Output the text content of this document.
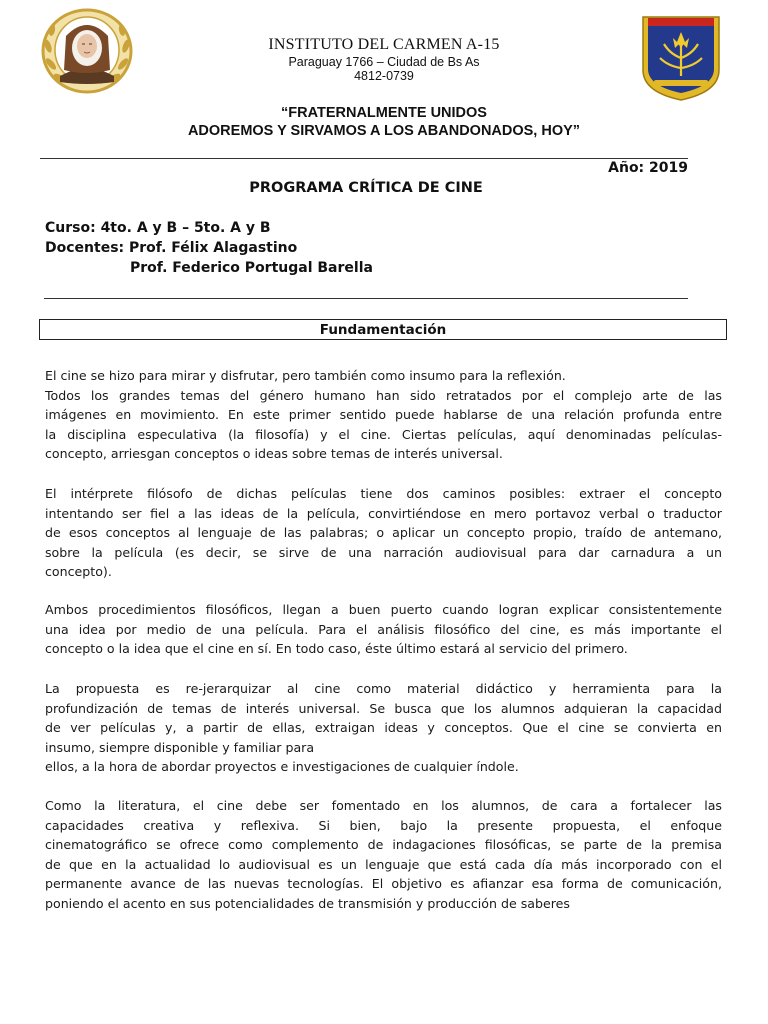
INSTITUTO DEL CARMEN A-15
Paraguay 1766 – Ciudad de Bs As
4812-0739
“FRATERNALMENTE UNIDOS
ADOREMOS Y SIRVAMOS A LOS ABANDONADOS, HOY”
Año: 2019
PROGRAMA CRÍTICA DE CINE
Curso: 4to. A y B – 5to. A y B
Docentes: Prof. Félix Alagastino
Prof. Federico Portugal Barella
Fundamentación
El cine se hizo para mirar y disfrutar, pero también como insumo para la reflexión.
Todos los grandes temas del género humano han sido retratados por el complejo arte de las
imágenes en movimiento. En este primer sentido puede hablarse de una relación profunda entre
la disciplina especulativa (la filosofía) y el cine. Ciertas películas, aquí denominadas películas-
concepto, arriesgan conceptos o ideas sobre temas de interés universal.
El intérprete filósofo de dichas películas tiene dos caminos posibles: extraer el concepto
intentando ser fiel a las ideas de la película, convirtiéndose en mero portavoz verbal o traductor
de esos conceptos al lenguaje de las palabras; o aplicar un concepto propio, traído de antemano,
sobre la película (es decir, se sirve de una narración audiovisual para dar carnadura a un
concepto).
Ambos procedimientos filosóficos, llegan a buen puerto cuando logran explicar consistentemente
una idea por medio de una película. Para el análisis filosófico del cine, es más importante el
concepto o la idea que el cine en sí. En todo caso, éste último estará al servicio del primero.
La propuesta es re-jerarquizar al cine como material didáctico y herramienta para la
profundización de temas de interés universal. Se busca que los alumnos adquieran la capacidad
de ver películas y, a partir de ellas, extraigan ideas y conceptos. Que el cine se convierta en
insumo, siempre disponible y familiar para
ellos, a la hora de abordar proyectos e investigaciones de cualquier índole.
Como la literatura, el cine debe ser fomentado en los alumnos, de cara a fortalecer las
capacidades creativa y reflexiva. Si bien, bajo la presente propuesta, el enfoque
cinematográfico se ofrece como complemento de indagaciones filosóficas, se parte de la premisa
de que en la actualidad lo audiovisual es un lenguaje que está cada día más incorporado con el
permanente avance de las nuevas tecnologías. El objetivo es afianzar esa forma de comunicación,
poniendo el acento en sus potencialidades de transmisión y producción de saberes
